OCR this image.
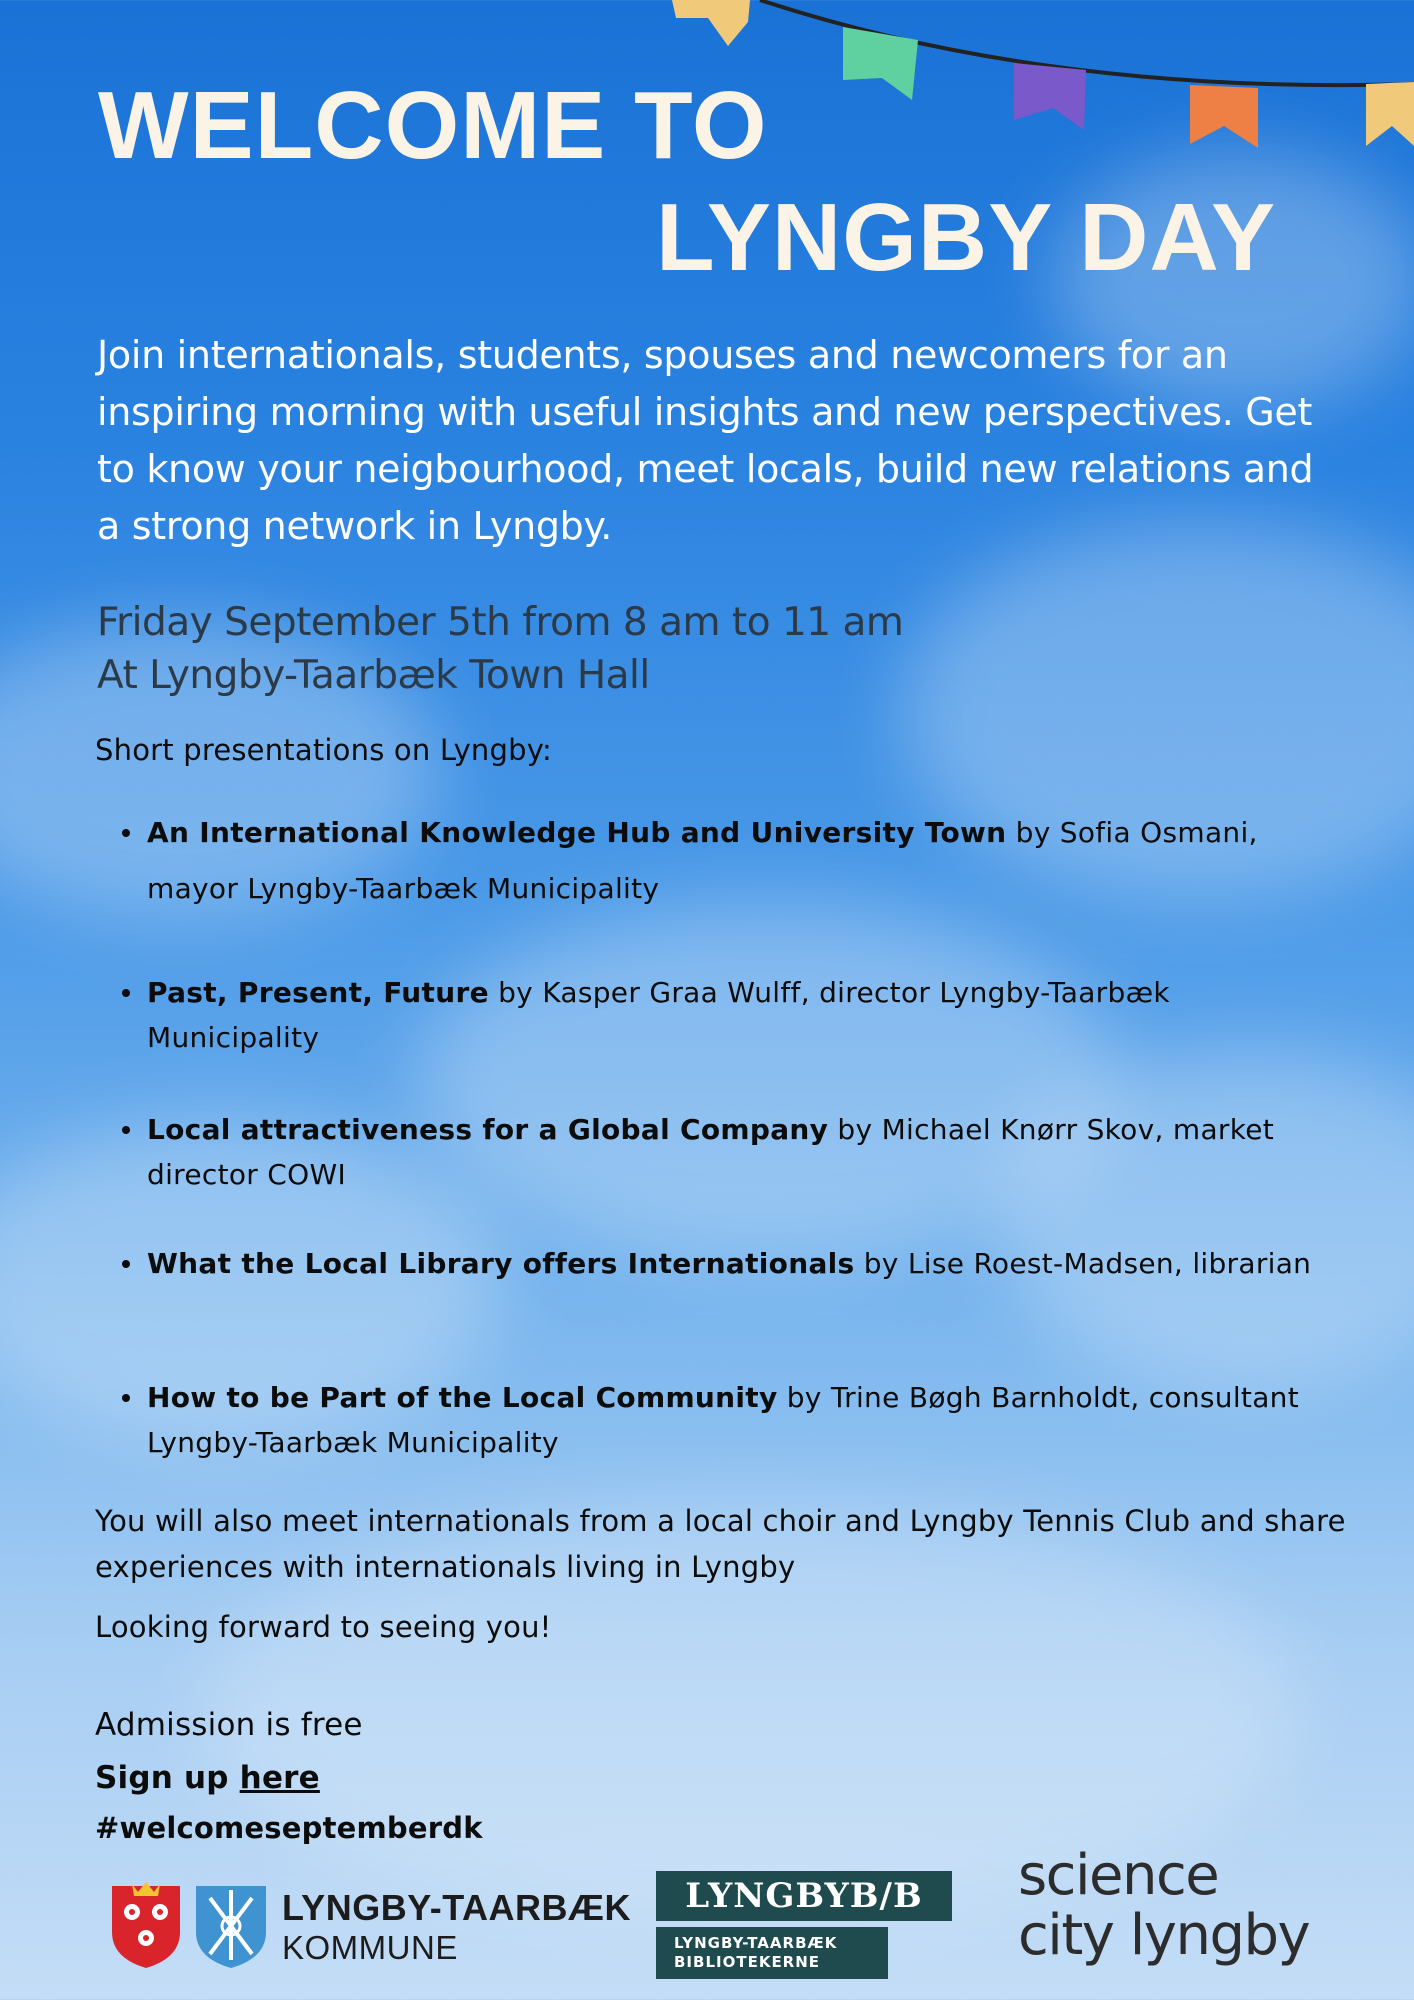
WELCOME TO
LYNGBY DAY

Join internationals, students, spouses and newcomers for an inspiring morning with useful insights and new perspectives. Get to know your neigbourhood, meet locals, build new relations and a strong network in Lyngby.

Friday September 5th from 8 am to 11 am

At Lyngby-Taarbæk Town Hall

Short presentations on Lyngby:

An International Knowledge Hub and University Town by Sofia Osmani, mayor Lyngby-Taarbæk Municipality

Past, Present, Future by Kasper Graa Wulff, director Lyngby-Taarbæk Municipality

Local attractiveness for a Global Company by Michael Knørr Skov, market director COWI

What the Local Library offers Internationals by Lise Roest-Madsen, librarian

How to be Part of the Local Community by Trine Bøgh Barnholdt, consultant Lyngby-Taarbæk Municipality

You will also meet internationals from a local choir and Lyngby Tennis Club and share experiences with internationals living in Lyngby

Looking forward to seeing you!

Admission is free

Sign up here

#welcomeseptemberdk

LYNGBY-TAARBÆK

KOMMUNE

LYNGBYB/B
LYNGBY-TAARBÆK
BIBLIOTEKERNE

science

city lyngby
